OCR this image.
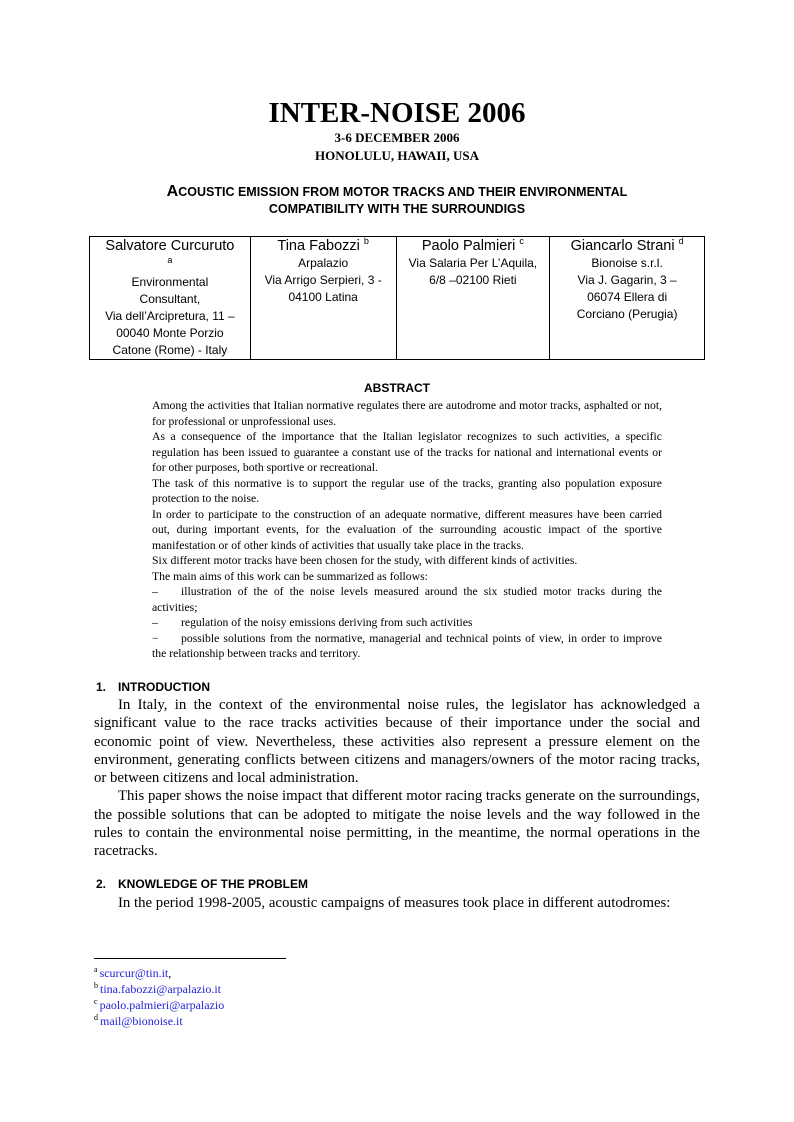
INTER-NOISE 2006
3-6 DECEMBER 2006
HONOLULU, HAWAII, USA
ACOUSTIC EMISSION FROM MOTOR TRACKS AND THEIR ENVIRONMENTAL
COMPATIBILITY WITH THE SURROUNDIGS
Salvatore Curcuruto
a
Environmental
Consultant,
Via dell’Arcipretura, 11 –
00040 Monte Porzio
Catone (Rome) - Italy

Tina Fabozzi $^b$
Arpalazio
Via Arrigo Serpieri, 3 -
04100 Latina

Paolo Palmieri $^c$
Via Salaria Per L’Aquila,
6/8 –02100 Rieti

Giancarlo Strani $^d$
Bionoise s.r.l.
Via J. Gagarin, 3 –
06074 Ellera di
Corciano (Perugia)
ABSTRACT

Among the activities that Italian normative regulates there are autodrome and motor tracks, asphalted or not, for professional or unprofessional uses.

As a consequence of the importance that the Italian legislator recognizes to such activities, a specific regulation has been issued to guarantee a constant use of the tracks for national and international events or for other purposes, both sportive or recreational.

The task of this normative is to support the regular use of the tracks, granting also population exposure protection to the noise.

In order to participate to the construction of an adequate normative, different measures have been carried out, during important events, for the evaluation of the surrounding acoustic impact of the sportive manifestation or of other kinds of activities that usually take place in the tracks.

Six different motor tracks have been chosen for the study, with different kinds of activities.

The main aims of this work can be summarized as follows:

– illustration of the of the noise levels measured around the six studied motor tracks during the activities;

– regulation of the noisy emissions deriving from such activities

− possible solutions from the normative, managerial and technical points of view, in order to improve the relationship between tracks and territory.

1. INTRODUCTION

In Italy, in the context of the environmental noise rules, the legislator has acknowledged a significant value to the race tracks activities because of their importance under the social and economic point of view. Nevertheless, these activities also represent a pressure element on the environment, generating conflicts between citizens and managers/owners of the motor racing tracks, or between citizens and local administration.

This paper shows the noise impact that different motor racing tracks generate on the surroundings, the possible solutions that can be adopted to mitigate the noise levels and the way followed in the rules to contain the environmental noise permitting, in the meantime, the normal operations in the racetracks.

2. KNOWLEDGE OF THE PROBLEM

In the period 1998-2005, acoustic campaigns of measures took place in different autodromes:

$^a$ scurcur@tin.it,
$^b$ tina.fabozzi@arpalazio.it
$^c$ paolo.palmieri@arpalazio
$^d$ mail@bionoise.it
